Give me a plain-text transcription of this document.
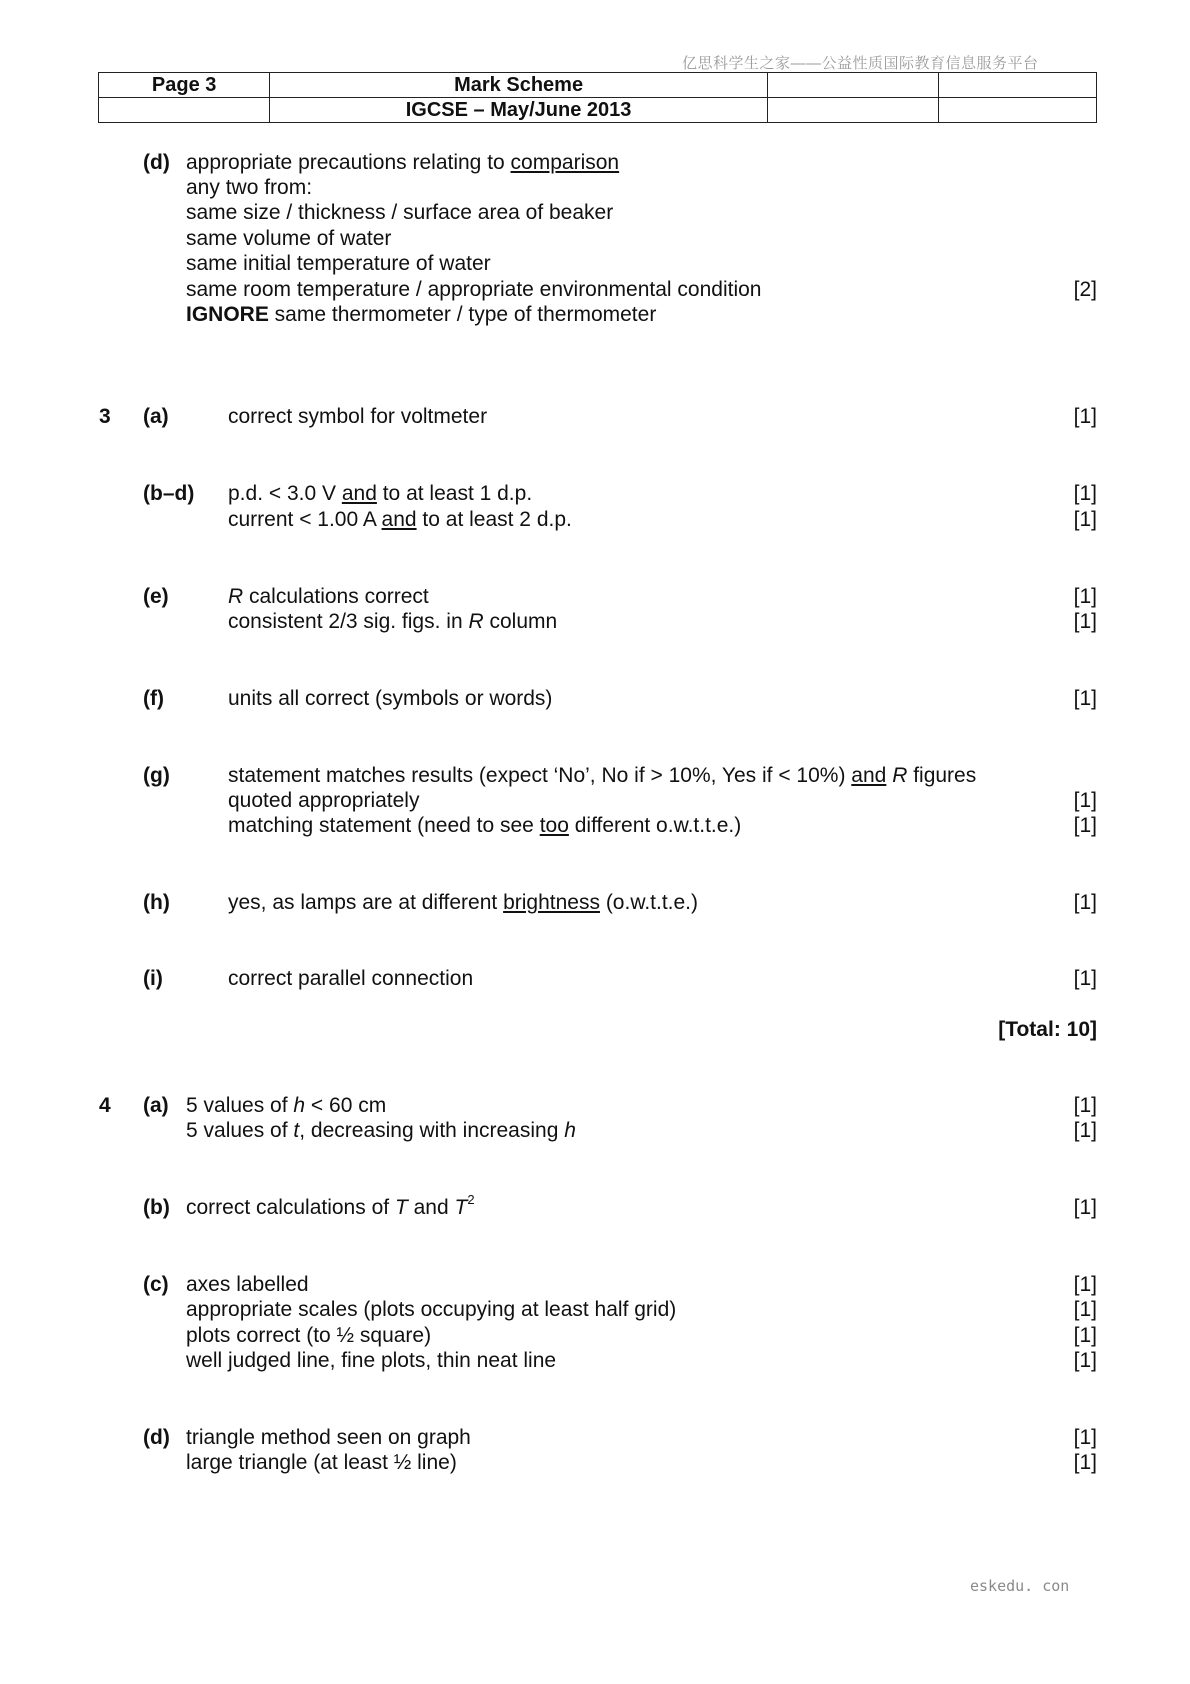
亿思科学生之家——公益性质国际教育信息服务平台
Page 3	Mark Scheme		
	IGCSE – May/June 2013		
(d) appropriate precautions relating to comparison
any two from:
same size / thickness / surface area of beaker
same volume of water
same initial temperature of water
same room temperature / appropriate environmental condition	[2]
IGNORE same thermometer / type of thermometer
3 (a)	correct symbol for voltmeter	[1]
(b–d) p.d. < 3.0 V and to at least 1 d.p.	[1]
current < 1.00 A and to at least 2 d.p.	[1]
(e)	R calculations correct	[1]
consistent 2/3 sig. figs. in R column	[1]
(f)	units all correct (symbols or words)	[1]
(g)	statement matches results (expect ‘No’, No if > 10%, Yes if < 10%) and R figures
quoted appropriately	[1]
matching statement (need to see too different o.w.t.t.e.)	[1]
(h)	yes, as lamps are at different brightness (o.w.t.t.e.)	[1]
(i)	correct parallel connection	[1]
[Total: 10]
4 (a) 5 values of h < 60 cm	[1]
5 values of t, decreasing with increasing h	[1]
(b) correct calculations of T and $T^2$	[1]
(c) axes labelled	[1]
appropriate scales (plots occupying at least half grid)	[1]
plots correct (to ½ square)	[1]
well judged line, fine plots, thin neat line	[1]
(d) triangle method seen on graph	[1]
large triangle (at least ½ line)	[1]
eskedu. con
